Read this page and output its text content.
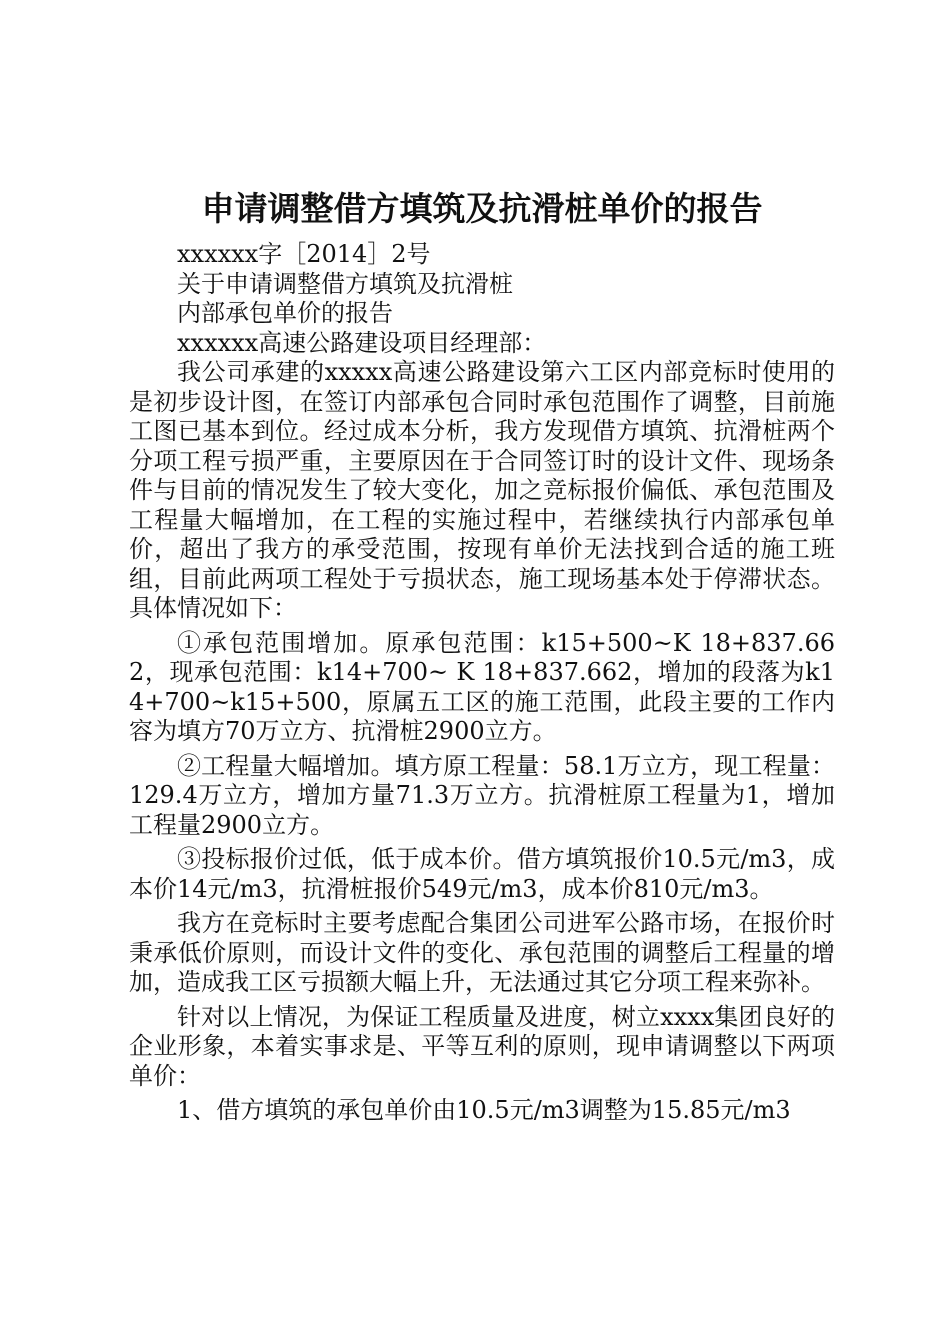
申请调整借方填筑及抗滑桩单价的报告

xxxxxx字［2014］2号

关于申请调整借方填筑及抗滑桩

内部承包单价的报告

xxxxxx高速公路建设项目经理部：

我公司承建的xxxxx高速公路建设第六工区内部竞标时使用的是初步设计图，在签订内部承包合同时承包范围作了调整，目前施工图已基本到位。经过成本分析，我方发现借方填筑、抗滑桩两个分项工程亏损严重，主要原因在于合同签订时的设计文件、现场条件与目前的情况发生了较大变化，加之竞标报价偏低、承包范围及工程量大幅增加，在工程的实施过程中，若继续执行内部承包单价，超出了我方的承受范围，按现有单价无法找到合适的施工班组，目前此两项工程处于亏损状态，施工现场基本处于停滞状态。具体情况如下：

①承包范围增加。原承包范围：k15+500~K 18+837.662，现承包范围：k14+700~ K 18+837.662，增加的段落为k14+700~k15+500，原属五工区的施工范围，此段主要的工作内容为填方70万立方、抗滑桩2900立方。

②工程量大幅增加。填方原工程量：58.1万立方，现工程量：129.4万立方，增加方量71.3万立方。抗滑桩原工程量为1，增加工程量2900立方。

③投标报价过低，低于成本价。借方填筑报价10.5元/m3，成本价14元/m3，抗滑桩报价549元/m3，成本价810元/m3。

我方在竞标时主要考虑配合集团公司进军公路市场，在报价时秉承低价原则，而设计文件的变化、承包范围的调整后工程量的增加，造成我工区亏损额大幅上升，无法通过其它分项工程来弥补。

针对以上情况，为保证工程质量及进度，树立xxxx集团良好的企业形象，本着实事求是、平等互利的原则，现申请调整以下两项单价：

1、借方填筑的承包单价由10.5元/m3调整为15.85元/m3
